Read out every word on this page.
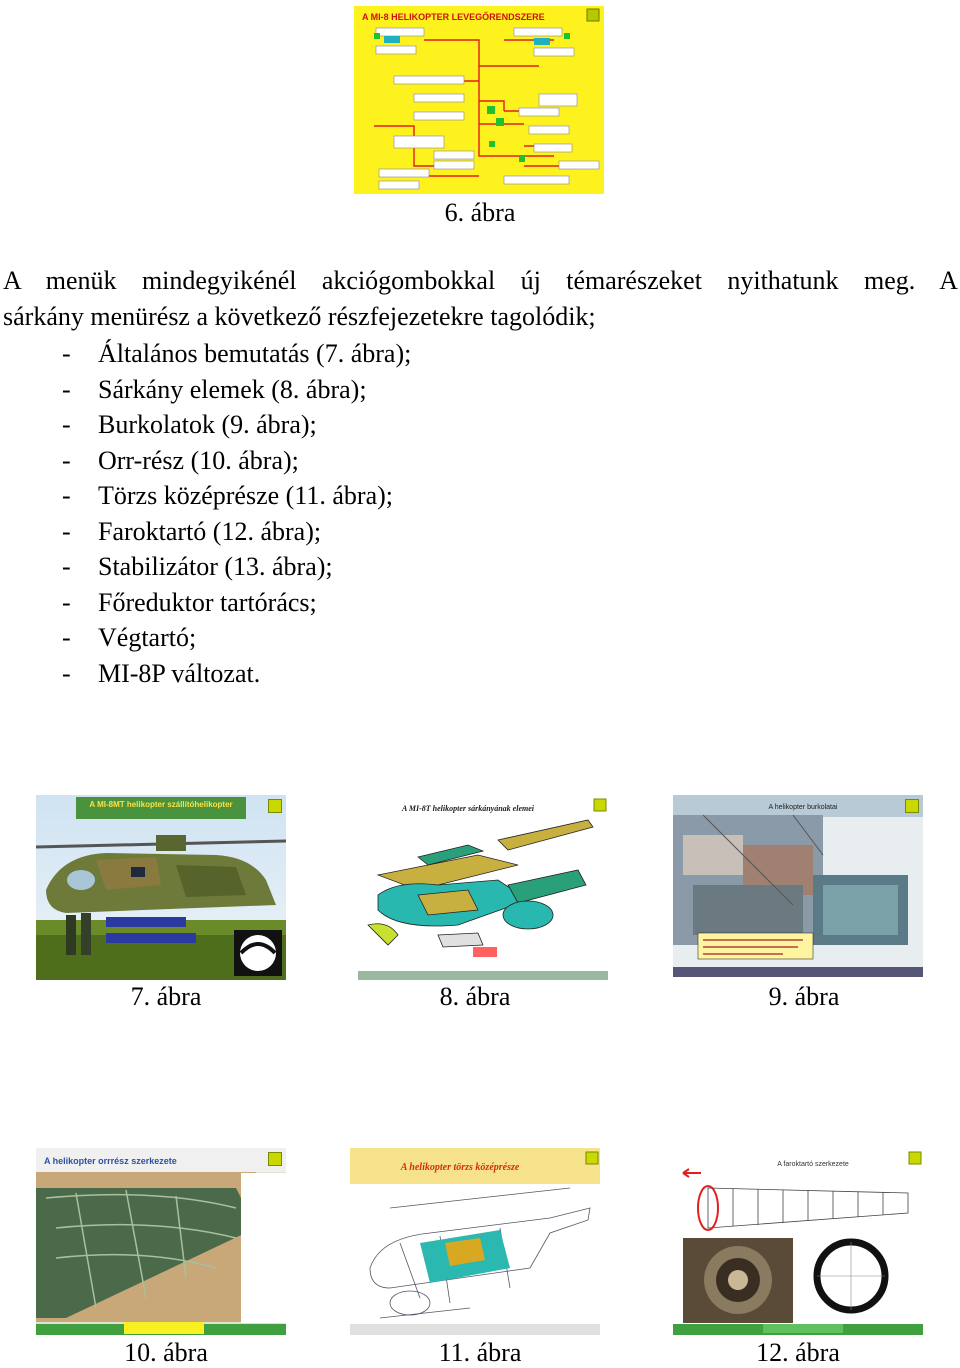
A MI-8 HELIKOPTER LEVEGŐRENDSZERE
6. ábra
A menük mindegyikénél akciógombokkal új témarészeket nyithatunk meg. A
sárkány menürész a következő részfejezetekre tagolódik;
- Általános bemutatás (7. ábra);
- Sárkány elemek (8. ábra);
- Burkolatok (9. ábra);
- Orr-rész (10. ábra);
- Törzs középrésze (11. ábra);
- Faroktartó (12. ábra);
- Stabilizátor (13. ábra);
- Főreduktor tartórács;
- Végtartó;
- MI-8P változat.
A MI-8MT helikopter szállítóhelikopter
7. ábra
A MI-8T helikopter sárkányának elemei
8. ábra
A helikopter burkolatai
9. ábra
A helikopter orrrész szerkezete
10. ábra
A helikopter törzs középrésze
11. ábra
A faroktartó szerkezete
12. ábra
